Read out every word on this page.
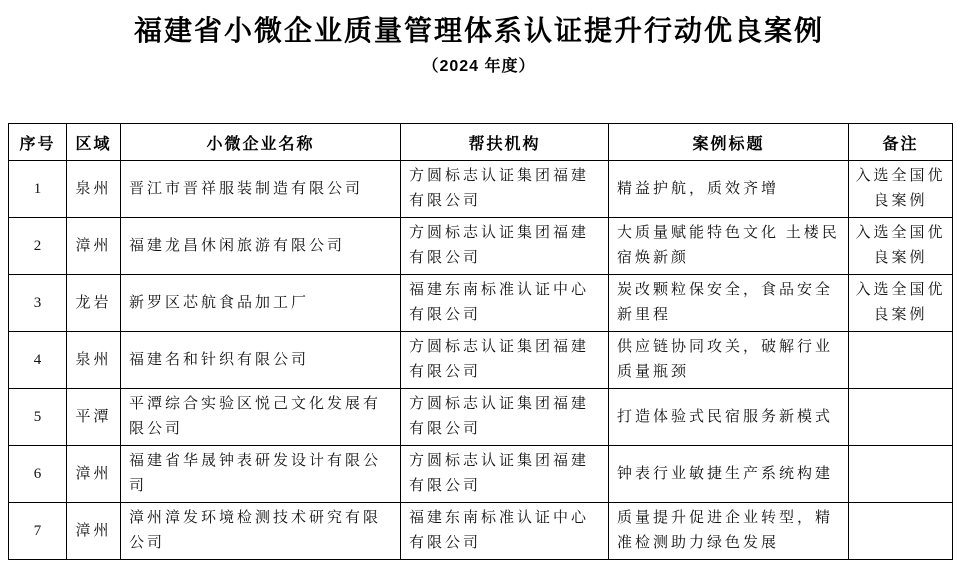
福建省小微企业质量管理体系认证提升行动优良案例
（2024 年度）
序号	区域	小微企业名称	帮扶机构	案例标题	备注
1	泉州	晋江市晋祥服装制造有限公司	方圆标志认证集团福建有限公司	精益护航，质效齐增	入选全国优良案例
2	漳州	福建龙昌休闲旅游有限公司	方圆标志认证集团福建有限公司	大质量赋能特色文化 土楼民宿焕新颜	入选全国优良案例
3	龙岩	新罗区芯航食品加工厂	福建东南标准认证中心有限公司	炭改颗粒保安全，食品安全新里程	入选全国优良案例
4	泉州	福建名和针织有限公司	方圆标志认证集团福建有限公司	供应链协同攻关，破解行业质量瓶颈	
5	平潭	平潭综合实验区悦己文化发展有限公司	方圆标志认证集团福建有限公司	打造体验式民宿服务新模式	
6	漳州	福建省华晟钟表研发设计有限公司	方圆标志认证集团福建有限公司	钟表行业敏捷生产系统构建	
7	漳州	漳州漳发环境检测技术研究有限公司	福建东南标准认证中心有限公司	质量提升促进企业转型，精准检测助力绿色发展	
